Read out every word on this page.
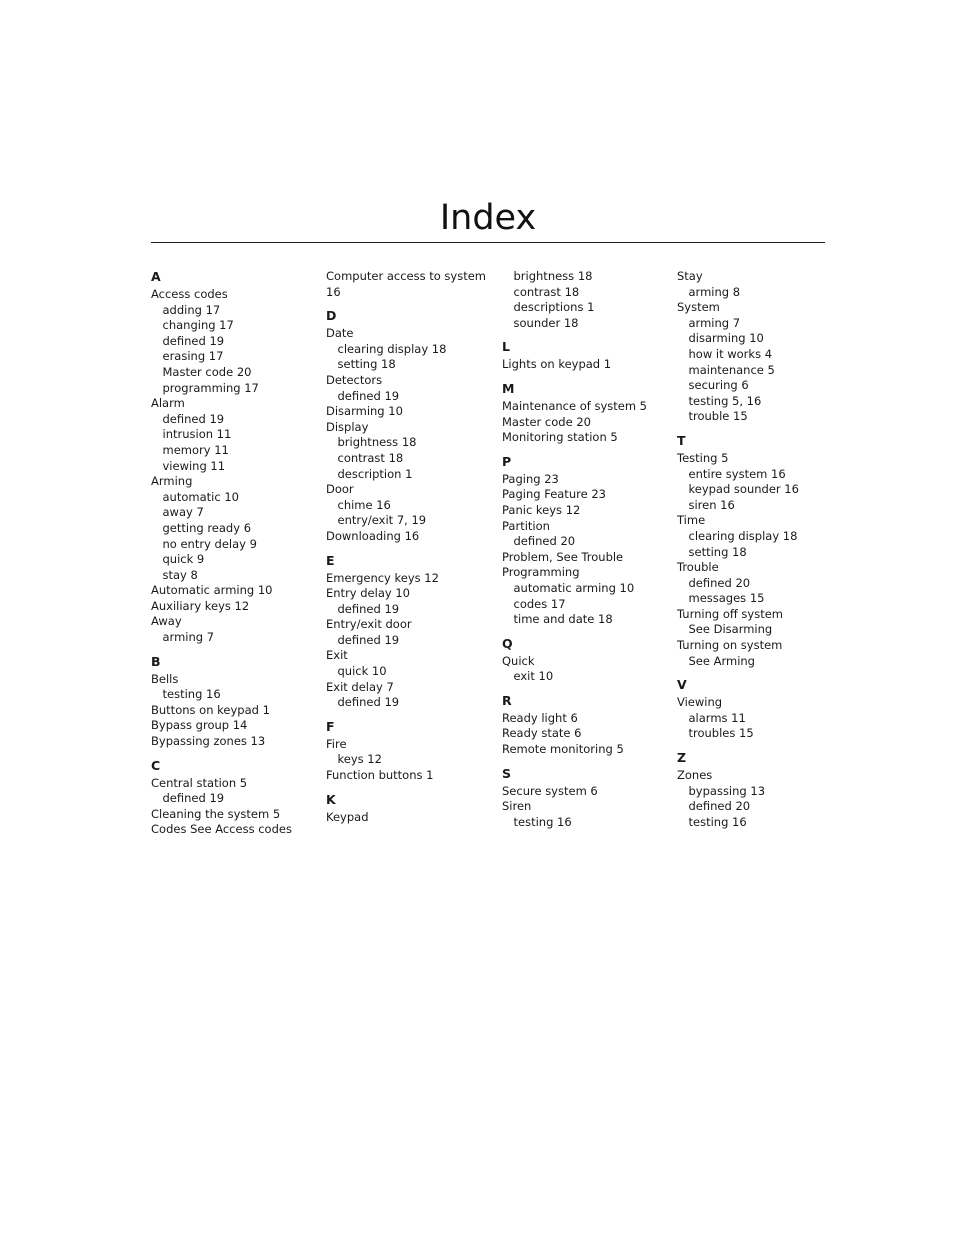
Index
A
Access codes
adding 17
changing 17
defined 19
erasing 17
Master code 20
programming 17
Alarm
defined 19
intrusion 11
memory 11
viewing 11
Arming
automatic 10
away 7
getting ready 6
no entry delay 9
quick 9
stay 8
Automatic arming 10
Auxiliary keys 12
Away
arming 7
B
Bells
testing 16
Buttons on keypad 1
Bypass group 14
Bypassing zones 13
C
Central station 5
defined 19
Cleaning the system 5
Codes See Access codes
Computer access to system 16
D
Date
clearing display 18
setting 18
Detectors
defined 19
Disarming 10
Display
brightness 18
contrast 18
description 1
Door
chime 16
entry/exit 7, 19
Downloading 16
E
Emergency keys 12
Entry delay 10
defined 19
Entry/exit door
defined 19
Exit
quick 10
Exit delay 7
defined 19
F
Fire
keys 12
Function buttons 1
K
Keypad
brightness 18
contrast 18
descriptions 1
sounder 18
L
Lights on keypad 1
M
Maintenance of system 5
Master code 20
Monitoring station 5
P
Paging 23
Paging Feature 23
Panic keys 12
Partition
defined 20
Problem, See Trouble
Programming
automatic arming 10
codes 17
time and date 18
Q
Quick
exit 10
R
Ready light 6
Ready state 6
Remote monitoring 5
S
Secure system 6
Siren
testing 16
Stay
arming 8
System
arming 7
disarming 10
how it works 4
maintenance 5
securing 6
testing 5, 16
trouble 15
T
Testing 5
entire system 16
keypad sounder 16
siren 16
Time
clearing display 18
setting 18
Trouble
defined 20
messages 15
Turning off system
See Disarming
Turning on system
See Arming
V
Viewing
alarms 11
troubles 15
Z
Zones
bypassing 13
defined 20
testing 16
